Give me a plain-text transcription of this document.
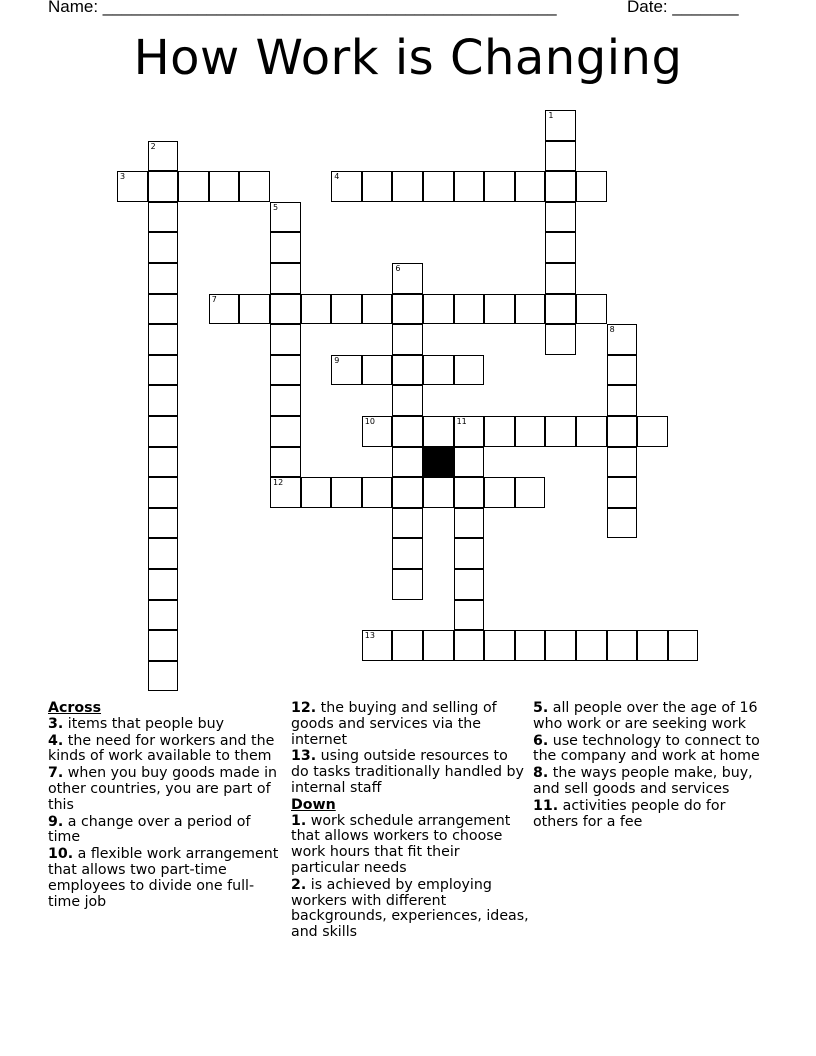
Name: ________________________________________________	Date: _______
How Work is Changing
3	4
7
9
10	11
12
13
1
2
5
6
8
Across
3. items that people buy
4. the need for workers and the kinds of work available to them
7. when you buy goods made in other countries, you are part of this
9. a change over a period of time
10. a flexible work arrangement that allows two part-time employees to divide one full-time job
12. the buying and selling of goods and services via the internet
13. using outside resources to do tasks traditionally handled by internal staff
Down
1. work schedule arrangement that allows workers to choose work hours that fit their particular needs
2. is achieved by employing workers with different backgrounds, experiences, ideas, and skills
5. all people over the age of 16 who work or are seeking work
6. use technology to connect to the company and work at home
8. the ways people make, buy, and sell goods and services
11. activities people do for others for a fee
